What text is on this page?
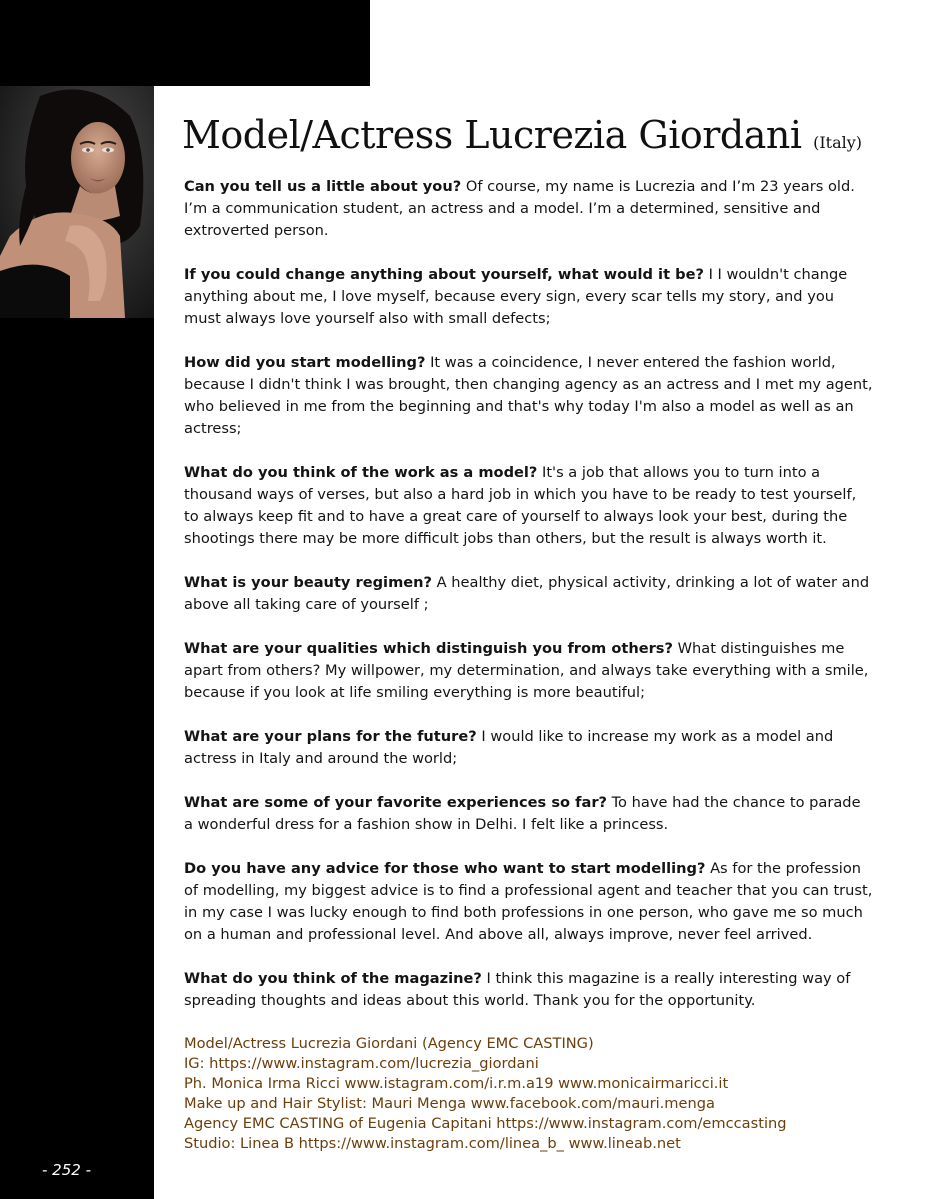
- 252 -
Model/Actress Lucrezia Giordani (Italy)

Can you tell us a little about you? Of course, my name is Lucrezia and I’m 23 years old. I’m a communication student, an actress and a model. I’m a determined, sensitive and extroverted person.

If you could change anything about yourself, what would it be? I I wouldn't change anything about me, I love myself, because every sign, every scar tells my story, and you must always love yourself also with small defects;

How did you start modelling? It was a coincidence, I never entered the fashion world, because I didn't think I was brought, then changing agency as an actress and I met my agent, who believed in me from the beginning and that's why today I'm also a model as well as an actress;

What do you think of the work as a model? It's a job that allows you to turn into a thousand ways of verses, but also a hard job in which you have to be ready to test yourself, to always keep fit and to have a great care of yourself to always look your best, during the shootings there may be more difficult jobs than others, but the result is always worth it.

What is your beauty regimen? A healthy diet, physical activity, drinking a lot of water and above all taking care of yourself ;

What are your qualities which distinguish you from others? What distinguishes me apart from others? My willpower, my determination, and always take everything with a smile, because if you look at life smiling everything is more beautiful;

What are your plans for the future? I would like to increase my work as a model and actress in Italy and around the world;

What are some of your favorite experiences so far? To have had the chance to parade a wonderful dress for a fashion show in Delhi. I felt like a princess.

Do you have any advice for those who want to start modelling? As for the profession of modelling, my biggest advice is to find a professional agent and teacher that you can trust, in my case I was lucky enough to find both professions in one person, who gave me so much on a human and professional level. And above all, always improve, never feel arrived.

What do you think of the magazine? I think this magazine is a really interesting way of spreading thoughts and ideas about this world. Thank you for the opportunity.

Model/Actress Lucrezia Giordani (Agency EMC CASTING)
IG: https://www.instagram.com/lucrezia_giordani
Ph. Monica Irma Ricci www.istagram.com/i.r.m.a19 www.monicairmaricci.it
Make up and Hair Stylist: Mauri Menga www.facebook.com/mauri.menga
Agency EMC CASTING of Eugenia Capitani https://www.instagram.com/emccasting
Studio: Linea B https://www.instagram.com/linea_b_ www.lineab.net
